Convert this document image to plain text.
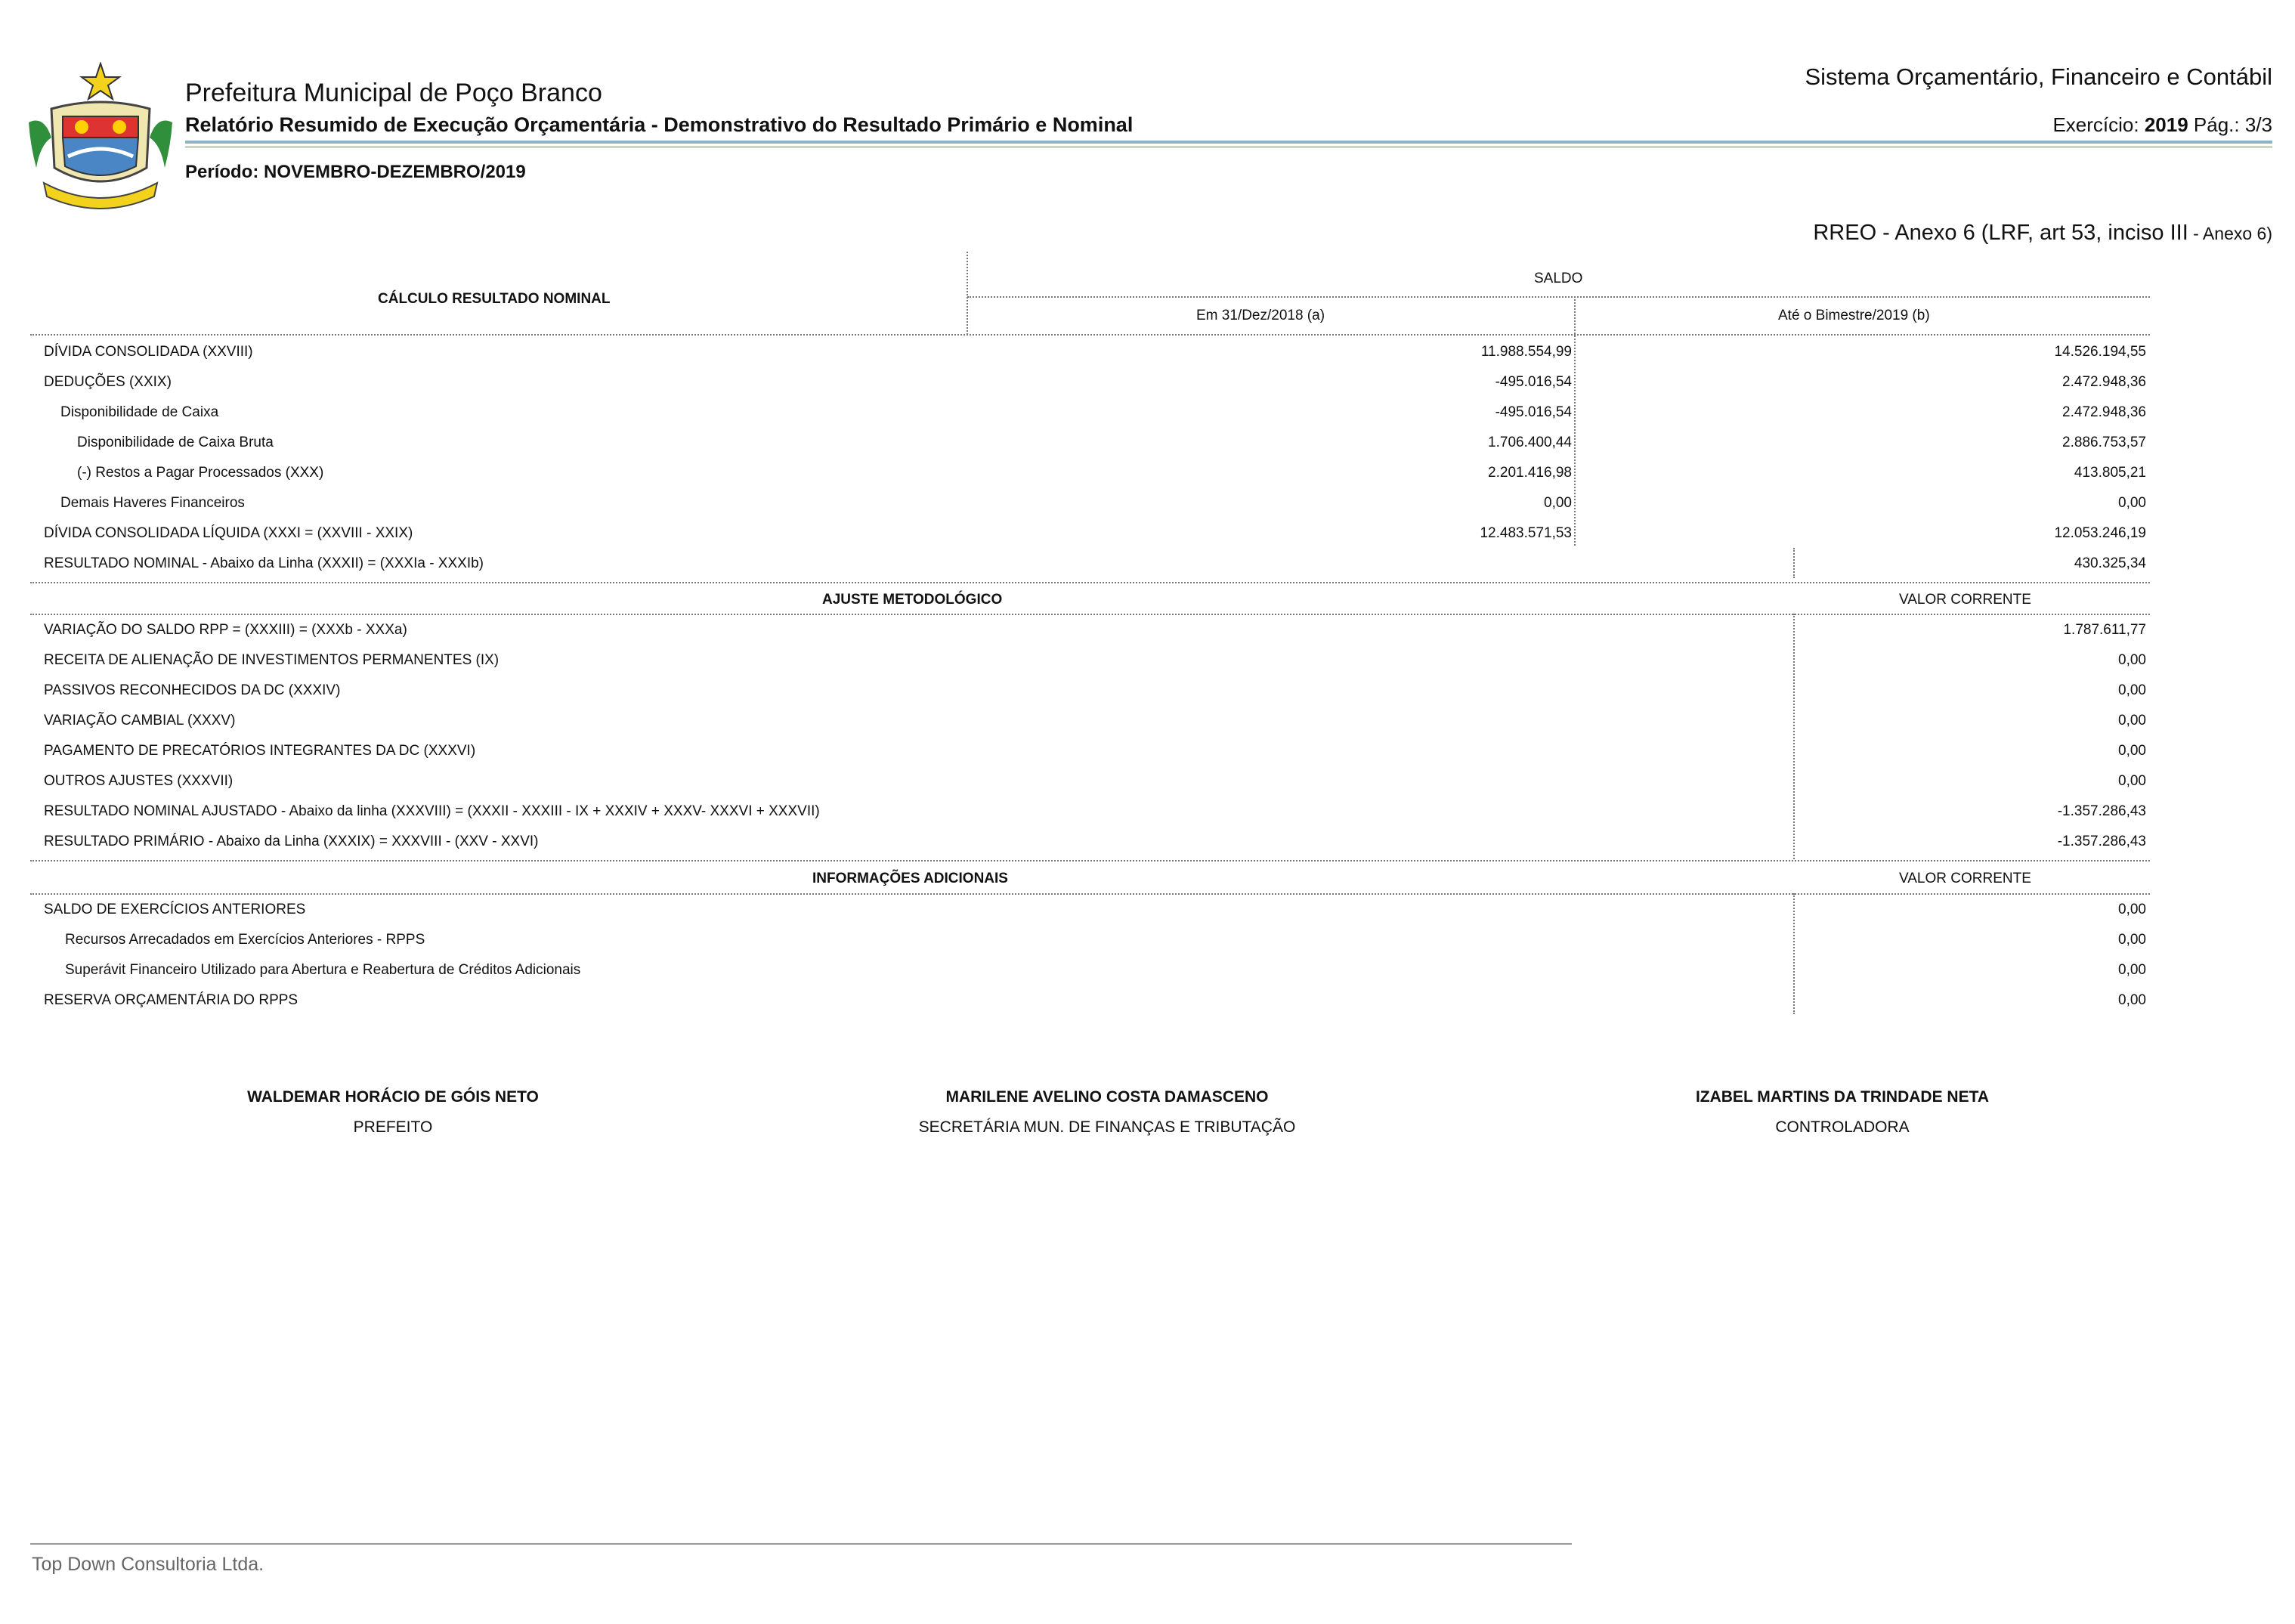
Prefeitura Municipal de Poço Branco
Relatório Resumido de Execução Orçamentária - Demonstrativo do Resultado Primário e Nominal
Sistema Orçamentário, Financeiro e Contábil
Exercício: 2019 Pág.: 3/3
Período: NOVEMBRO-DEZEMBRO/2019
RREO - Anexo 6 (LRF, art 53, inciso III - Anexo 6)
CÁLCULO RESULTADO NOMINAL
SALDO
Em 31/Dez/2018 (a)	Até o Bimestre/2019 (b)
DÍVIDA CONSOLIDADA (XXVIII)	11.988.554,99	14.526.194,55
DEDUÇÕES (XXIX)	-495.016,54	2.472.948,36
Disponibilidade de Caixa	-495.016,54	2.472.948,36
Disponibilidade de Caixa Bruta	1.706.400,44	2.886.753,57
(-) Restos a Pagar Processados (XXX)	2.201.416,98	413.805,21
Demais Haveres Financeiros	0,00	0,00
DÍVIDA CONSOLIDADA LÍQUIDA (XXXI = (XXVIII - XXIX)	12.483.571,53	12.053.246,19
RESULTADO NOMINAL - Abaixo da Linha (XXXII) = (XXXIa - XXXIb)	430.325,34
AJUSTE METODOLÓGICO	VALOR CORRENTE
VARIAÇÃO DO SALDO RPP = (XXXIII) = (XXXb - XXXa)	1.787.611,77
RECEITA DE ALIENAÇÃO DE INVESTIMENTOS PERMANENTES (IX)	0,00
PASSIVOS RECONHECIDOS DA DC (XXXIV)	0,00
VARIAÇÃO CAMBIAL (XXXV)	0,00
PAGAMENTO DE PRECATÓRIOS INTEGRANTES DA DC (XXXVI)	0,00
OUTROS AJUSTES (XXXVII)	0,00
RESULTADO NOMINAL AJUSTADO - Abaixo da linha (XXXVIII) = (XXXII - XXXIII - IX + XXXIV + XXXV- XXXVI + XXXVII)	-1.357.286,43
RESULTADO PRIMÁRIO - Abaixo da Linha (XXXIX) = XXXVIII - (XXV - XXVI)	-1.357.286,43
INFORMAÇÕES ADICIONAIS	VALOR CORRENTE
SALDO DE EXERCÍCIOS ANTERIORES	0,00
Recursos Arrecadados em Exercícios Anteriores - RPPS	0,00
Superávit Financeiro Utilizado para Abertura e Reabertura de Créditos Adicionais	0,00
RESERVA ORÇAMENTÁRIA DO RPPS	0,00
WALDEMAR HORÁCIO DE GÓIS NETO
PREFEITO
MARILENE AVELINO COSTA DAMASCENO
SECRETÁRIA MUN. DE FINANÇAS E TRIBUTAÇÃO
IZABEL MARTINS DA TRINDADE NETA
CONTROLADORA
Top Down Consultoria Ltda.
